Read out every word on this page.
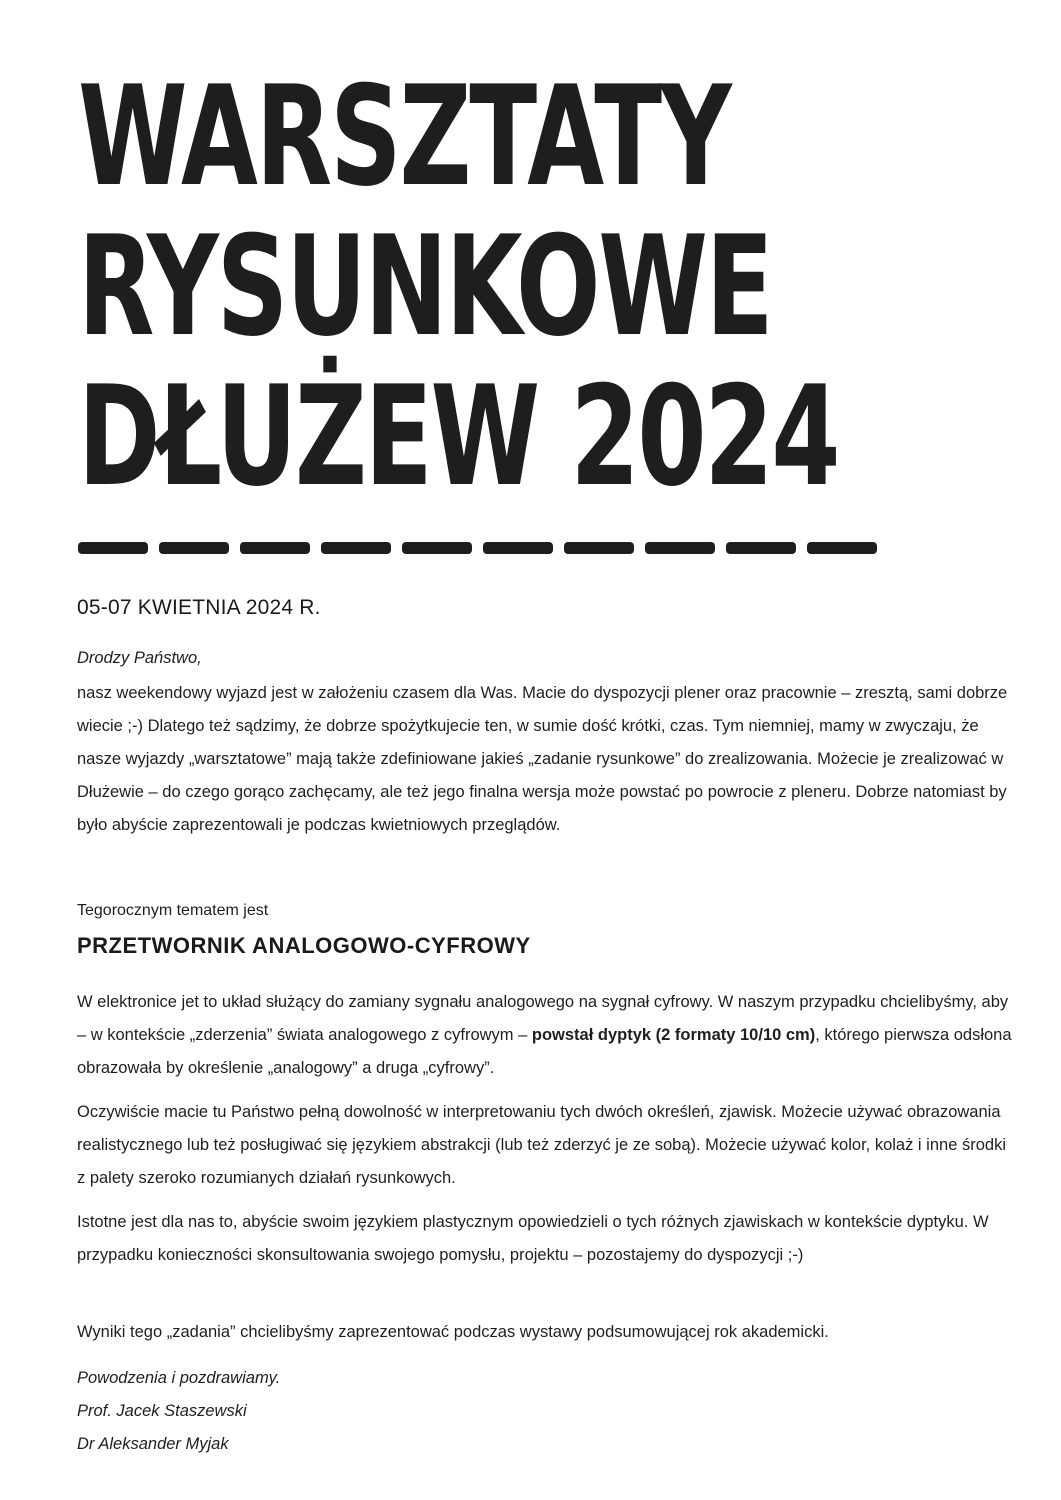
WARSZTATY
RYSUNKOWE
DŁUŻEW 2024
05-07 KWIETNIA 2024 R.

Drodzy Państwo,

nasz weekendowy wyjazd jest w założeniu czasem dla Was. Macie do dyspozycji plener oraz pracownie – zresztą, sami dobrze wiecie ;-) Dlatego też sądzimy, że dobrze spożytkujecie ten, w sumie dość krótki, czas. Tym niemniej, mamy w zwyczaju, że nasze wyjazdy „warsztatowe” mają także zdefiniowane jakieś „zadanie rysunkowe” do zrealizowania. Możecie je zrealizować w Dłużewie – do czego gorąco zachęcamy, ale też jego finalna wersja może powstać po powrocie z pleneru. Dobrze natomiast by było abyście zaprezentowali je podczas kwietniowych przeglądów.

Tegorocznym tematem jest

PRZETWORNIK ANALOGOWO-CYFROWY

W elektronice jet to układ służący do zamiany sygnału analogowego na sygnał cyfrowy. W naszym przypadku chcielibyśmy, aby – w kontekście „zderzenia” świata analogowego z cyfrowym – powstał dyptyk (2 formaty 10/10 cm), którego pierwsza odsłona obrazowała by określenie „analogowy” a druga „cyfrowy”.

Oczywiście macie tu Państwo pełną dowolność w interpretowaniu tych dwóch określeń, zjawisk. Możecie używać obrazowania realistycznego lub też posługiwać się językiem abstrakcji (lub też zderzyć je ze sobą). Możecie używać kolor, kolaż i inne środki z palety szeroko rozumianych działań rysunkowych.

Istotne jest dla nas to, abyście swoim językiem plastycznym opowiedzieli o tych różnych zjawiskach w kontekście dyptyku. W przypadku konieczności skonsultowania swojego pomysłu, projektu – pozostajemy do dyspozycji ;-)

Wyniki tego „zadania” chcielibyśmy zaprezentować podczas wystawy podsumowującej rok akademicki.

Powodzenia i pozdrawiamy.
Prof. Jacek Staszewski
Dr Aleksander Myjak
